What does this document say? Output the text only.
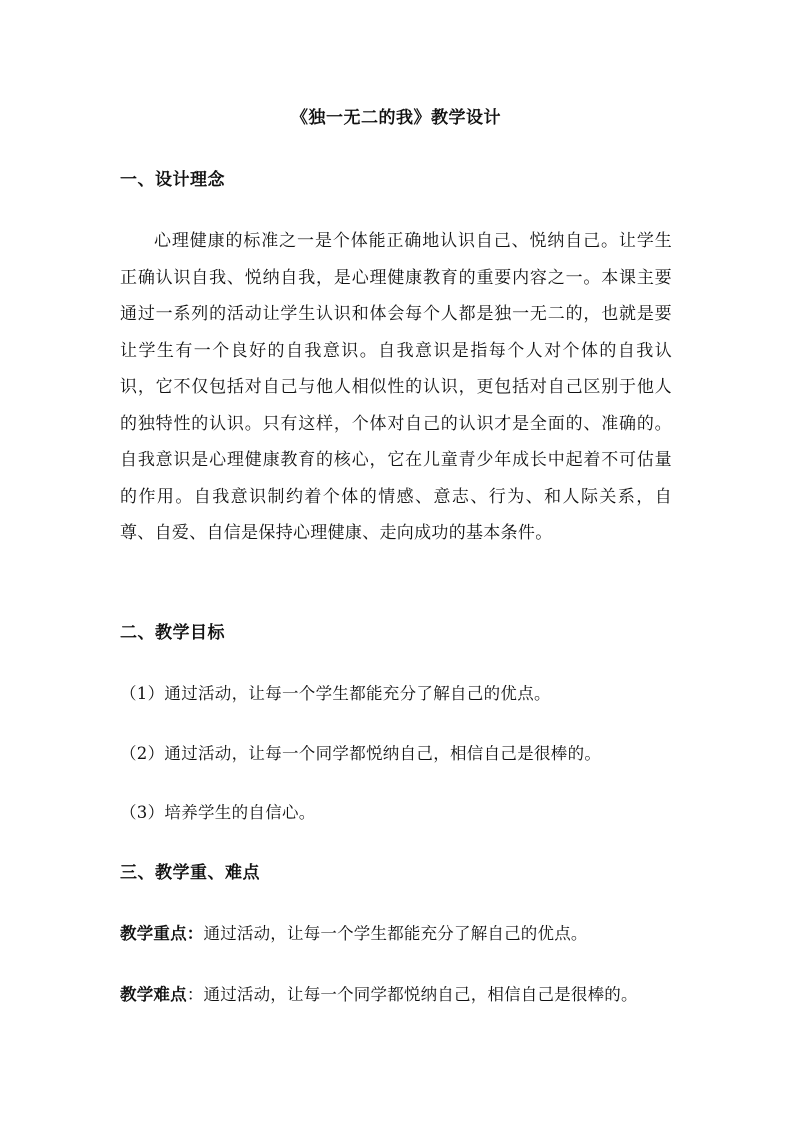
《独一无二的我》教学设计
一、设计理念

心理健康的标准之一是个体能正确地认识自己、悦纳自己。让学生正确认识自我、悦纳自我，是心理健康教育的重要内容之一。本课主要通过一系列的活动让学生认识和体会每个人都是独一无二的，也就是要让学生有一个良好的自我意识。自我意识是指每个人对个体的自我认识，它不仅包括对自己与他人相似性的认识，更包括对自己区别于他人的独特性的认识。只有这样，个体对自己的认识才是全面的、准确的。自我意识是心理健康教育的核心，它在儿童青少年成长中起着不可估量的作用。自我意识制约着个体的情感、意志、行为、和人际关系，自尊、自爱、自信是保持心理健康、走向成功的基本条件。

二、教学目标
（1）通过活动，让每一个学生都能充分了解自己的优点。
（2）通过活动，让每一个同学都悦纳自己，相信自己是很棒的。
（3）培养学生的自信心。
三、教学重、难点
教学重点：通过活动，让每一个学生都能充分了解自己的优点。
教学难点：通过活动，让每一个同学都悦纳自己，相信自己是很棒的。
